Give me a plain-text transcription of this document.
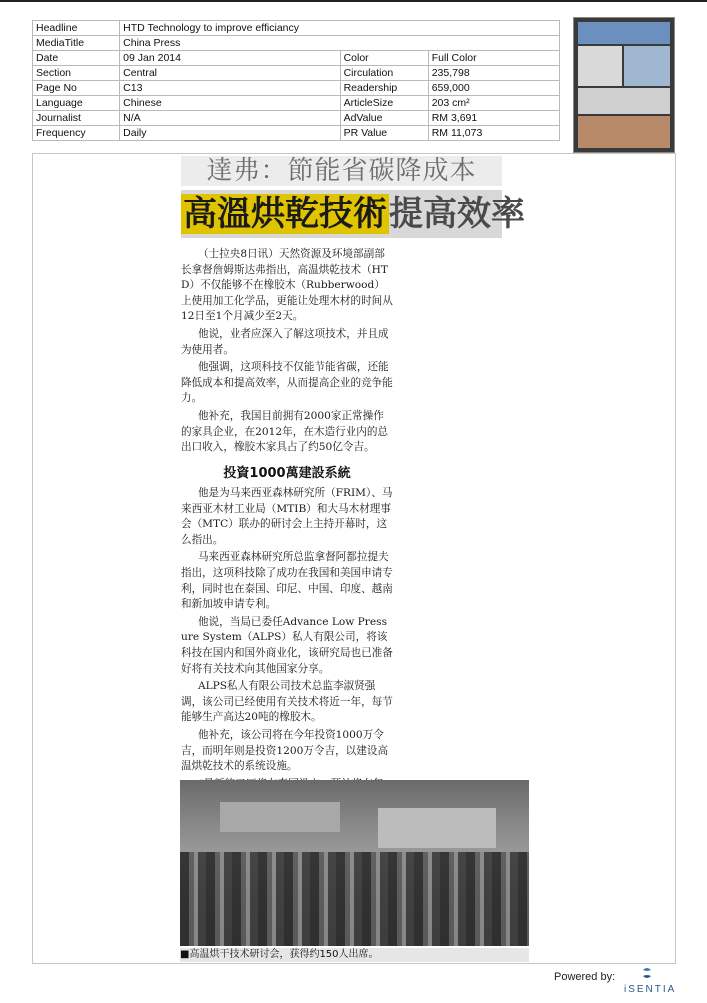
Headline	HTD Technology to improve efficiancy		
MediaTitle	China Press		
Date	09 Jan 2014	Color	Full Color
Section	Central	Circulation	235,798
Page No	C13	Readership	659,000
Language	Chinese	ArticleSize	203 cm²
Journalist	N/A	AdValue	RM 3,691
Frequency	Daily	PR Value	RM 11,073
達弗：節能省碳降成本
高溫烘乾技術提高效率

（士拉央8日讯）天然资源及环境部副部长拿督詹姆斯达弗指出，高温烘乾技术（HTD）不仅能够不在橡胶木（Rubberwood）上使用加工化学品，更能让处理木材的时间从12日至1个月减少至2天。

他说，业者应深入了解这项技术，并且成为使用者。

他强调，这项科技不仅能节能省碳，还能降低成本和提高效率，从而提高企业的竞争能力。

他补充，我国目前拥有2000家正常操作的家具企业，在2012年，在木造行业内的总出口收入，橡胶木家具占了约50亿令吉。

投資1000萬建設系統

他是为马来西亚森林研究所（FRIM）、马来西亚木材工业局（MTIB）和大马木材理事会（MTC）联办的研讨会上主持开幕时，这么指出。

马来西亚森林研究所总监拿督阿都拉提夫指出，这项科技除了成功在我国和美国申请专利，同时也在泰国、印尼、中国、印度、越南和新加坡申请专利。

他说，当局已委任Advance Low Pressure System（ALPS）私人有限公司，将该科技在国内和国外商业化，该研究局也已准备好将有关技术向其他国家分享。

ALPS私人有限公司技术总监李淑贤强调，该公司已经使用有关技术将近一年，每节能够生产高达20吨的橡胶木。

他补充，该公司将在今年投资1000万令吉，而明年则是投资1200万令吉，以建设高温烘乾技术的系统设施。

■高温烘干技术研讨会，获得约150人出席。
Powered by:
iSENTIA
